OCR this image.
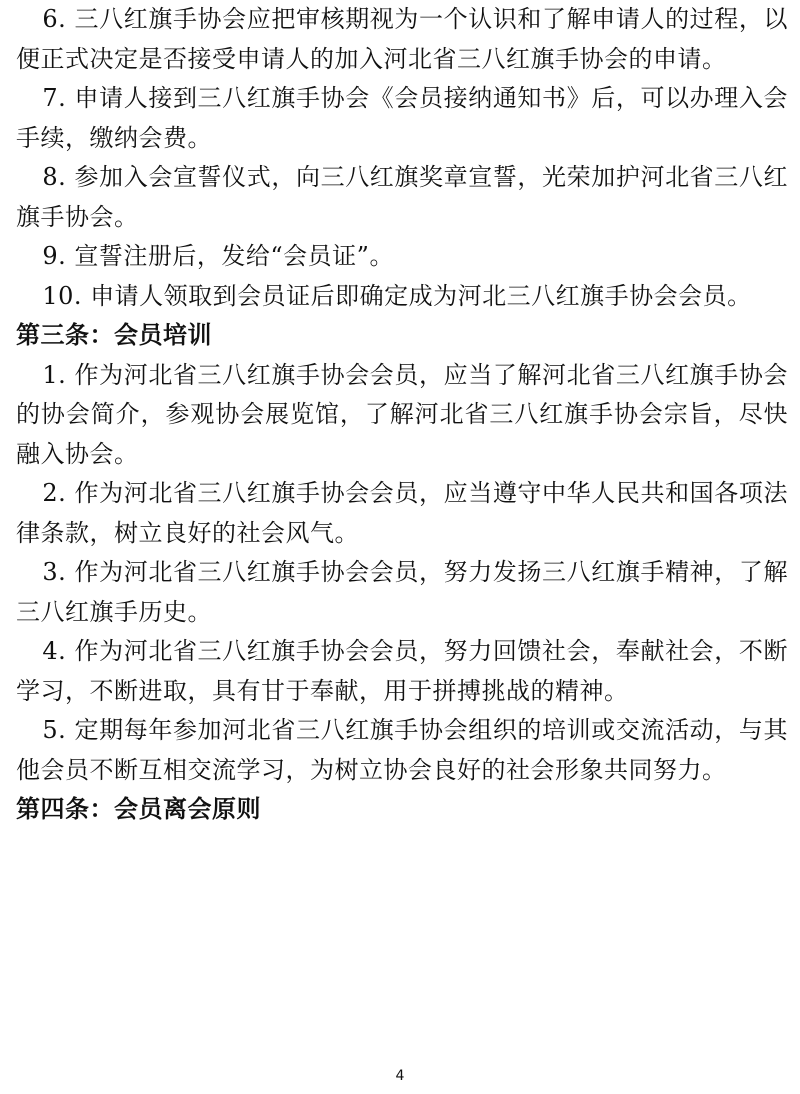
6. 三八红旗手协会应把审核期视为一个认识和了解申请人的过程，以便正式决定是否接受申请人的加入河北省三八红旗手协会的申请。

7. 申请人接到三八红旗手协会《会员接纳通知书》后，可以办理入会手续，缴纳会费。

8. 参加入会宣誓仪式，向三八红旗奖章宣誓，光荣加护河北省三八红旗手协会。

9. 宣誓注册后，发给“会员证”。

10. 申请人领取到会员证后即确定成为河北三八红旗手协会会员。

第三条：会员培训

1. 作为河北省三八红旗手协会会员，应当了解河北省三八红旗手协会的协会简介，参观协会展览馆，了解河北省三八红旗手协会宗旨，尽快融入协会。

2. 作为河北省三八红旗手协会会员，应当遵守中华人民共和国各项法律条款，树立良好的社会风气。

3. 作为河北省三八红旗手协会会员，努力发扬三八红旗手精神，了解三八红旗手历史。

4. 作为河北省三八红旗手协会会员，努力回馈社会，奉献社会，不断学习，不断进取，具有甘于奉献，用于拼搏挑战的精神。

5. 定期每年参加河北省三八红旗手协会组织的培训或交流活动，与其他会员不断互相交流学习，为树立协会良好的社会形象共同努力。

第四条：会员离会原则

4
